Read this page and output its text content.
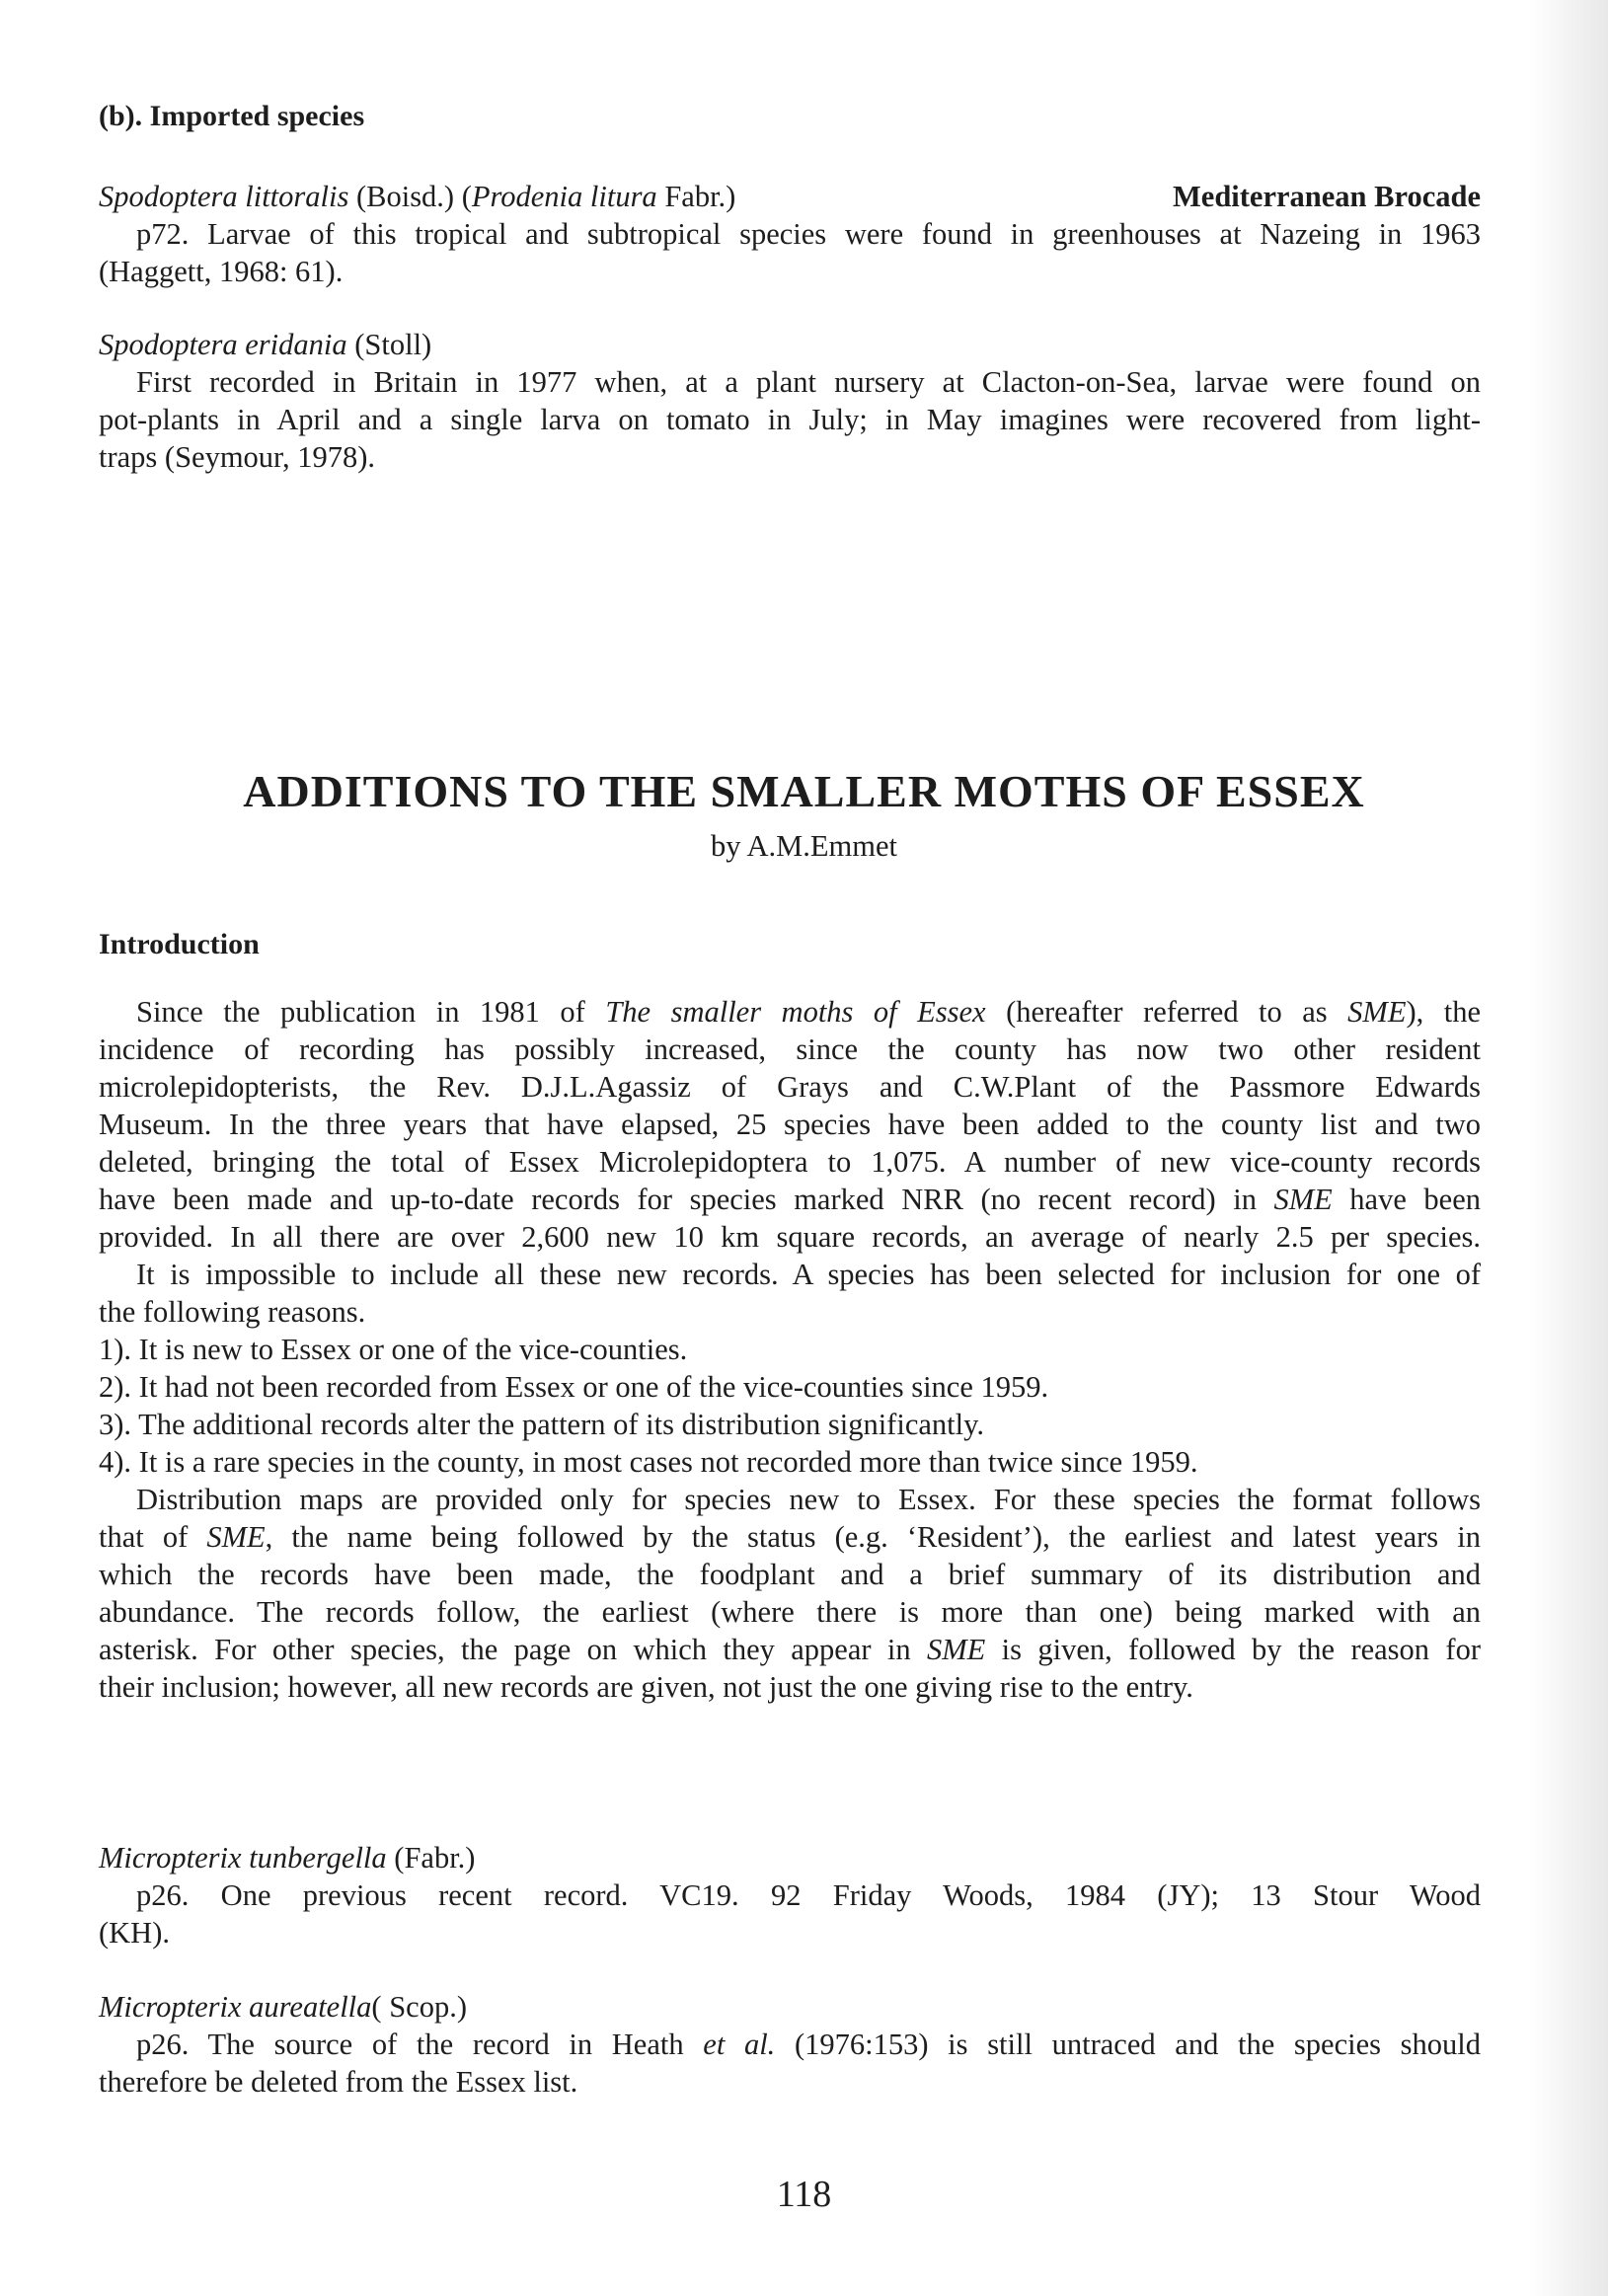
(b). Imported species
Spodoptera littoralis (Boisd.) (Prodenia litura Fabr.)	Mediterranean Brocade
p72. Larvae of this tropical and subtropical species were found in greenhouses at Nazeing in 1963
(Haggett, 1968: 61).
Spodoptera eridania (Stoll)
First recorded in Britain in 1977 when, at a plant nursery at Clacton-on-Sea, larvae were found on
pot-plants in April and a single larva on tomato in July; in May imagines were recovered from light-
traps (Seymour, 1978).
ADDITIONS TO THE SMALLER MOTHS OF ESSEX
by A.M.Emmet
Introduction
Since the publication in 1981 of The smaller moths of Essex (hereafter referred to as SME), the
incidence of recording has possibly increased, since the county has now two other resident
microlepidopterists, the Rev. D.J.L.Agassiz of Grays and C.W.Plant of the Passmore Edwards
Museum. In the three years that have elapsed, 25 species have been added to the county list and two
deleted, bringing the total of Essex Microlepidoptera to 1,075. A number of new vice-county records
have been made and up-to-date records for species marked NRR (no recent record) in SME have been
provided. In all there are over 2,600 new 10 km square records, an average of nearly 2.5 per species.
It is impossible to include all these new records. A species has been selected for inclusion for one of
the following reasons.
1). It is new to Essex or one of the vice-counties.
2). It had not been recorded from Essex or one of the vice-counties since 1959.
3). The additional records alter the pattern of its distribution significantly.
4). It is a rare species in the county, in most cases not recorded more than twice since 1959.
Distribution maps are provided only for species new to Essex. For these species the format follows
that of SME, the name being followed by the status (e.g. ‘Resident’), the earliest and latest years in
which the records have been made, the foodplant and a brief summary of its distribution and
abundance. The records follow, the earliest (where there is more than one) being marked with an
asterisk. For other species, the page on which they appear in SME is given, followed by the reason for
their inclusion; however, all new records are given, not just the one giving rise to the entry.
Micropterix tunbergella (Fabr.)
p26. One previous recent record. VC19. 92 Friday Woods, 1984 (JY); 13 Stour Wood
(KH).
Micropterix aureatella( Scop.)
p26. The source of the record in Heath et al. (1976:153) is still untraced and the species should
therefore be deleted from the Essex list.
118
